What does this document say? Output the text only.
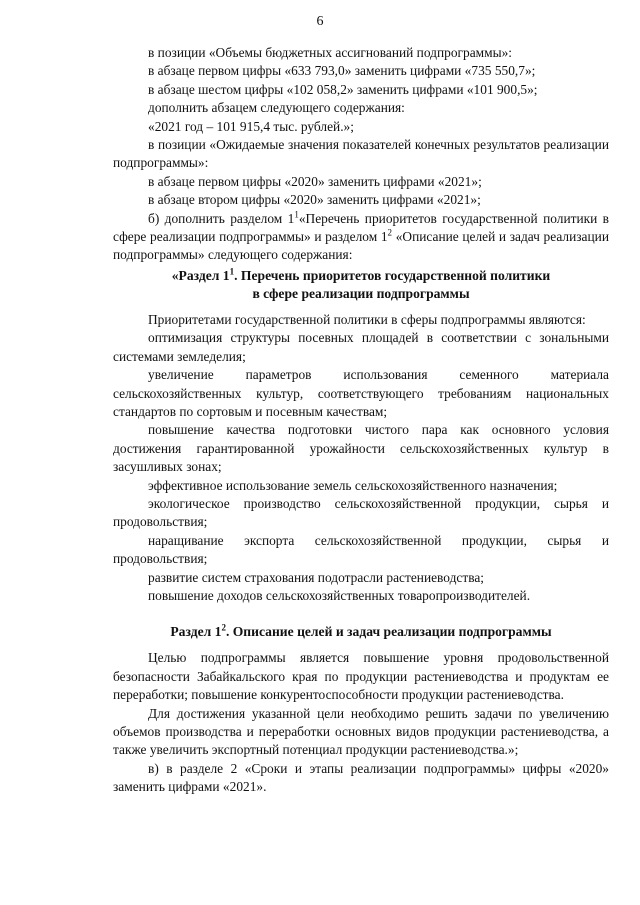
6

в позиции «Объемы бюджетных ассигнований подпрограммы»:

в абзаце первом цифры «633 793,0» заменить цифрами «735 550,7»;

в абзаце шестом цифры «102 058,2» заменить цифрами «101 900,5»;

дополнить абзацем следующего содержания:

«2021 год – 101 915,4 тыс. рублей.»;

в позиции «Ожидаемые значения показателей конечных результатов реализации подпрограммы»:

в абзаце первом цифры «2020» заменить цифрами «2021»;

в абзаце втором цифры «2020» заменить цифрами «2021»;

б) дополнить разделом $1^1«Перечень$ приоритетов государственной политики в сфере реализации подпрограммы» и разделом $1^2$ «Описание целей и задач реализации подпрограммы» следующего содержания:

«Раздел $1^1$. Перечень приоритетов государственной политики

в сфере реализации подпрограммы

Приоритетами государственной политики в сферы подпрограммы являются:

оптимизация структуры посевных площадей в соответствии с зональными системами земледелия;

увеличение параметров использования семенного материала сельскохозяйственных культур, соответствующего требованиям национальных стандартов по сортовым и посевным качествам;

повышение качества подготовки чистого пара как основного условия достижения гарантированной урожайности сельскохозяйственных культур в засушливых зонах;

эффективное использование земель сельскохозяйственного назначения;

экологическое производство сельскохозяйственной продукции, сырья и продовольствия;

наращивание экспорта сельскохозяйственной продукции, сырья и продовольствия;

развитие систем страхования подотрасли растениеводства;

повышение доходов сельскохозяйственных товаропроизводителей.

Раздел $1^2$. Описание целей и задач реализации подпрограммы

Целью подпрограммы является повышение уровня продовольственной безопасности Забайкальского края по продукции растениеводства и продуктам ее переработки; повышение конкурентоспособности продукции растениеводства.

Для достижения указанной цели необходимо решить задачи по увеличению объемов производства и переработки основных видов продукции растениеводства, а также увеличить экспортный потенциал продукции растениеводства.»;

в) в разделе 2 «Сроки и этапы реализации подпрограммы» цифры «2020» заменить цифрами «2021».
